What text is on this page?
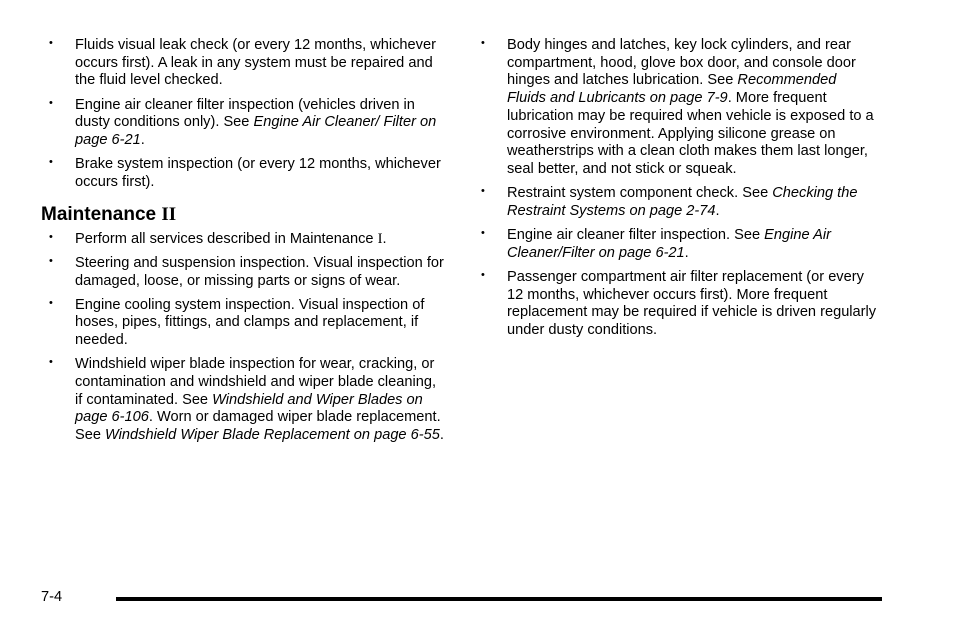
• Fluids visual leak check (or every 12 months, whichever occurs first). A leak in any system must be repaired and the fluid level checked.
• Engine air cleaner filter inspection (vehicles driven in dusty conditions only). See Engine Air Cleaner/ Filter on page 6-21.
• Brake system inspection (or every 12 months, whichever occurs first).
Maintenance II
• Perform all services described in Maintenance I.
• Steering and suspension inspection. Visual inspection for damaged, loose, or missing parts or signs of wear.
• Engine cooling system inspection. Visual inspection of hoses, pipes, fittings, and clamps and replacement, if needed.
• Windshield wiper blade inspection for wear, cracking, or contamination and windshield and wiper blade cleaning, if contaminated. See Windshield and Wiper Blades on page 6-106. Worn or damaged wiper blade replacement. See Windshield Wiper Blade Replacement on page 6-55.
• Body hinges and latches, key lock cylinders, and rear compartment, hood, glove box door, and console door hinges and latches lubrication. See Recommended Fluids and Lubricants on page 7-9. More frequent lubrication may be required when vehicle is exposed to a corrosive environment. Applying silicone grease on weatherstrips with a clean cloth makes them last longer, seal better, and not stick or squeak.
• Restraint system component check. See Checking the Restraint Systems on page 2-74.
• Engine air cleaner filter inspection. See Engine Air Cleaner/Filter on page 6-21.
• Passenger compartment air filter replacement (or every 12 months, whichever occurs first). More frequent replacement may be required if vehicle is driven regularly under dusty conditions.
7-4
